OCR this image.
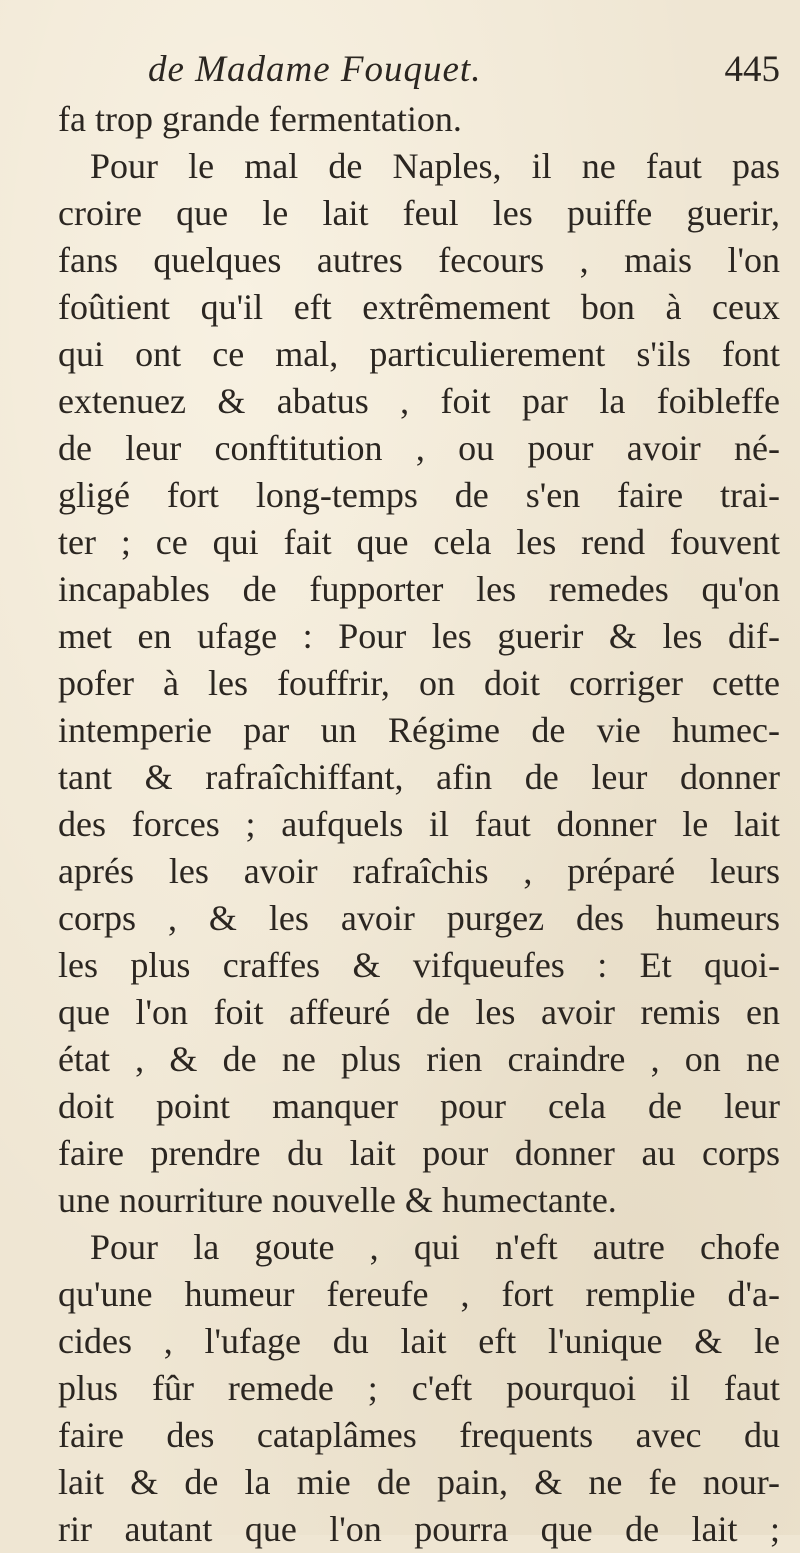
de Madame Fouquet.	445
fa trop grande fermentation.
Pour le mal de Naples, il ne faut pas
croire que le lait feul les puiffe guerir,
fans quelques autres fecours , mais l'on
foûtient qu'il eft extrêmement bon à ceux
qui ont ce mal, particulierement s'ils font
extenuez & abatus , foit par la foibleffe
de leur conftitution , ou pour avoir né-
gligé fort long-temps de s'en faire trai-
ter ; ce qui fait que cela les rend fouvent
incapables de fupporter les remedes qu'on
met en ufage : Pour les guerir & les dif-
pofer à les fouffrir, on doit corriger cette
intemperie par un Régime de vie humec-
tant & rafraîchiffant, afin de leur donner
des forces ; aufquels il faut donner le lait
aprés les avoir rafraîchis , préparé leurs
corps , & les avoir purgez des humeurs
les plus craffes & vifqueufes : Et quoi-
que l'on foit affeuré de les avoir remis en
état , & de ne plus rien craindre , on ne
doit point manquer pour cela de leur
faire prendre du lait pour donner au corps
une nourriture nouvelle & humectante.
Pour la goute , qui n'eft autre chofe
qu'une humeur fereufe , fort remplie d'a-
cides , l'ufage du lait eft l'unique & le
plus fûr remede ; c'eft pourquoi il faut
faire des cataplâmes frequents avec du
lait & de la mie de pain, & ne fe nour-
rir autant que l'on pourra que de lait ;
